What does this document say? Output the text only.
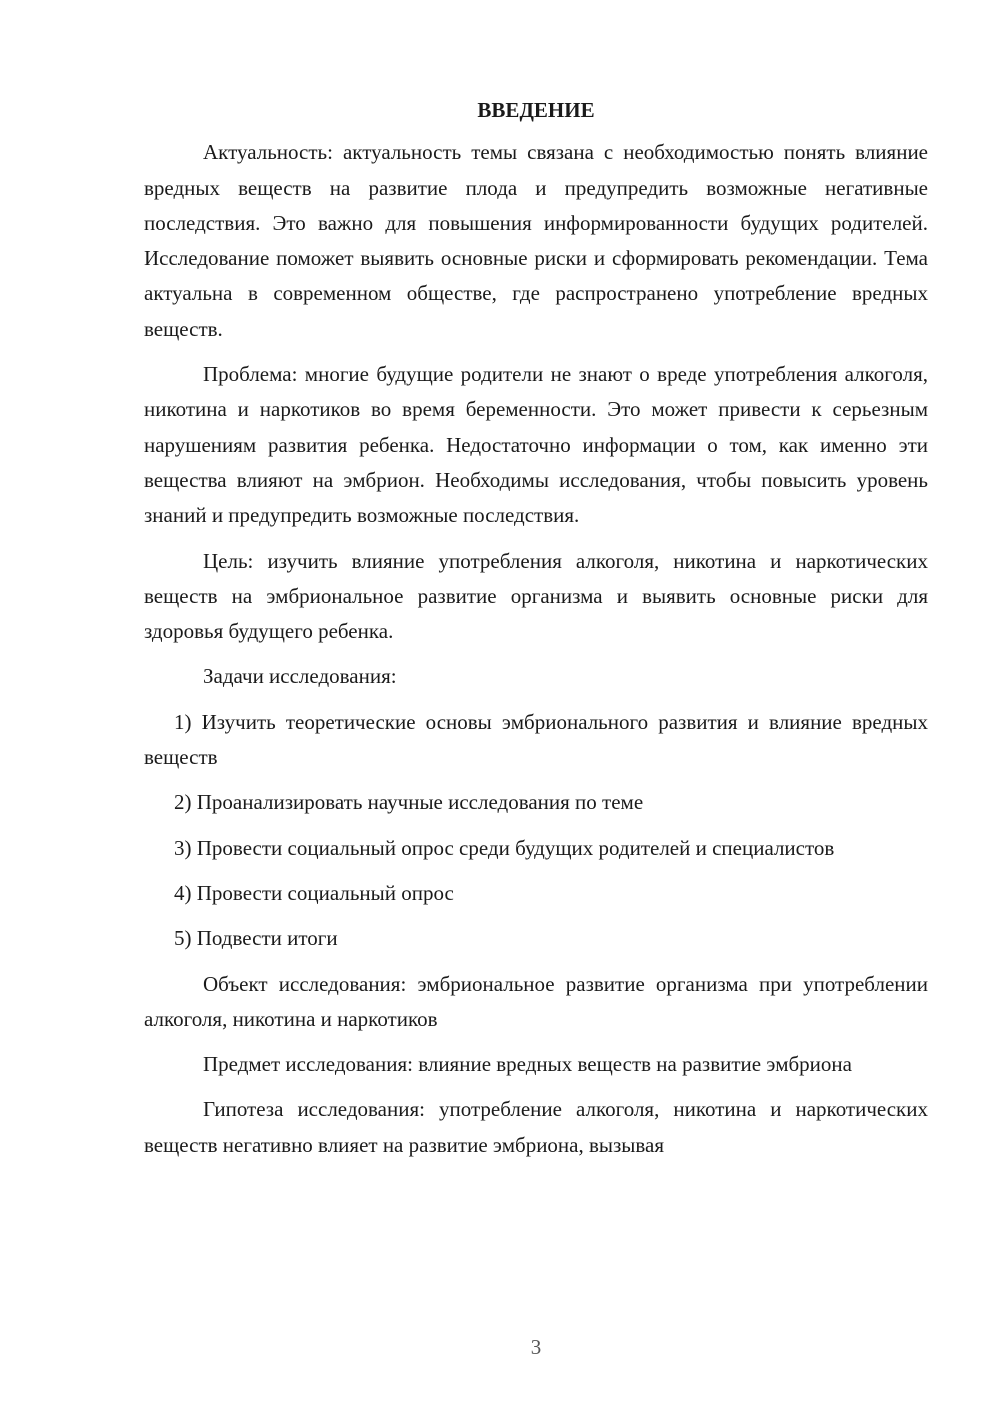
ВВЕДЕНИЕ

Актуальность: актуальность темы связана с необходимостью понять влияние вредных веществ на развитие плода и предупредить возможные негативные последствия. Это важно для повышения информированности будущих родителей. Исследование поможет выявить основные риски и сформировать рекомендации. Тема актуальна в современном обществе, где распространено употребление вредных веществ.

Проблема: многие будущие родители не знают о вреде употребления алкоголя, никотина и наркотиков во время беременности. Это может привести к серьезным нарушениям развития ребенка. Недостаточно информации о том, как именно эти вещества влияют на эмбрион. Необходимы исследования, чтобы повысить уровень знаний и предупредить возможные последствия.

Цель: изучить влияние употребления алкоголя, никотина и наркотических веществ на эмбриональное развитие организма и выявить основные риски для здоровья будущего ребенка.

Задачи исследования:

1) Изучить теоретические основы эмбрионального развития и влияние вредных веществ

2) Проанализировать научные исследования по теме

3) Провести социальный опрос среди будущих родителей и специалистов

4) Провести социальный опрос

5) Подвести итоги

Объект исследования: эмбриональное развитие организма при употреблении алкоголя, никотина и наркотиков

Предмет исследования: влияние вредных веществ на развитие эмбриона

Гипотеза исследования: употребление алкоголя, никотина и наркотических веществ негативно влияет на развитие эмбриона, вызывая

3
